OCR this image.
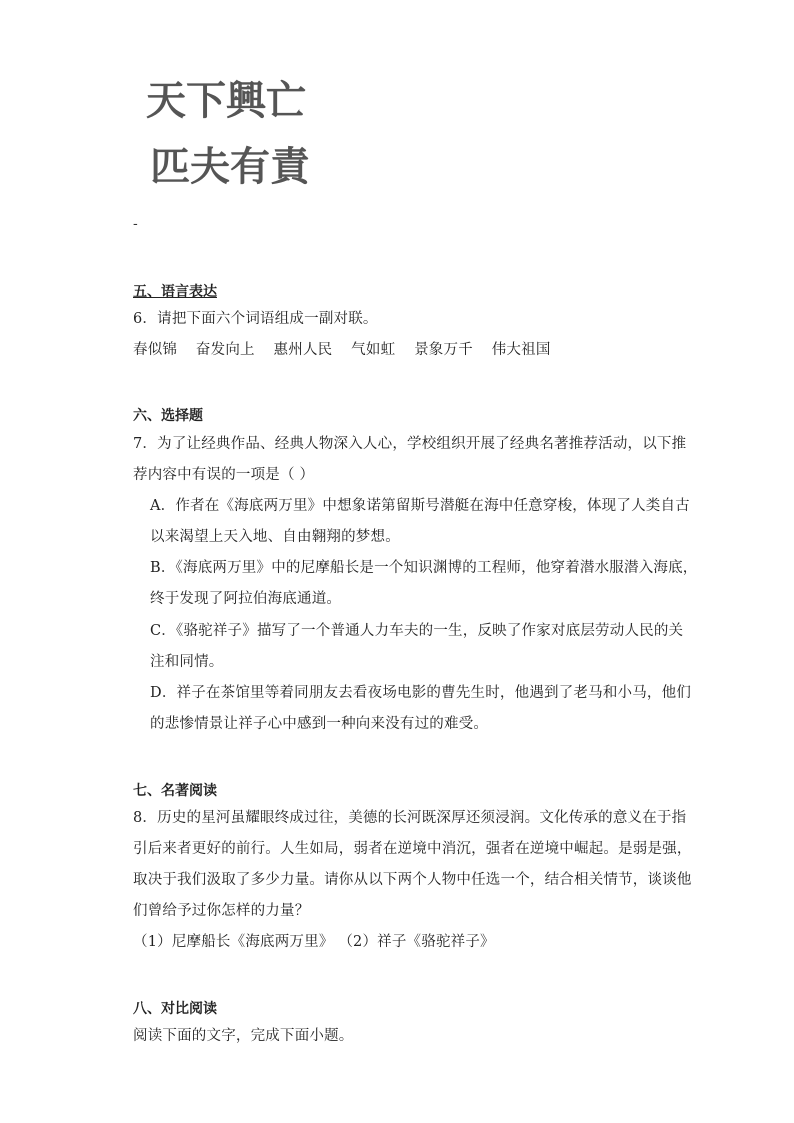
天下興亡
匹夫有責
-
五、语言表达
6．请把下面六个词语组成一副对联。
春似锦 奋发向上 惠州人民 气如虹 景象万千 伟大祖国
六、选择题
7．为了让经典作品、经典人物深入人心，学校组织开展了经典名著推荐活动，以下推
荐内容中有误的一项是（ ）
A．作者在《海底两万里》中想象诺第留斯号潜艇在海中任意穿梭，体现了人类自古
以来渴望上天入地、自由翱翔的梦想。
B．《海底两万里》中的尼摩船长是一个知识渊博的工程师，他穿着潜水服潜入海底，
终于发现了阿拉伯海底通道。
C．《骆驼祥子》描写了一个普通人力车夫的一生，反映了作家对底层劳动人民的关
注和同情。
D．祥子在茶馆里等着同朋友去看夜场电影的曹先生时，他遇到了老马和小马，他们
的悲惨情景让祥子心中感到一种向来没有过的难受。
七、名著阅读
8．历史的星河虽耀眼终成过往，美德的长河既深厚还须浸润。文化传承的意义在于指
引后来者更好的前行。人生如局，弱者在逆境中消沉，强者在逆境中崛起。是弱是强，
取决于我们汲取了多少力量。请你从以下两个人物中任选一个，结合相关情节，谈谈他
们曾给予过你怎样的力量？
（1）尼摩船长《海底两万里》 （2）祥子《骆驼祥子》
八、对比阅读
阅读下面的文字，完成下面小题。
